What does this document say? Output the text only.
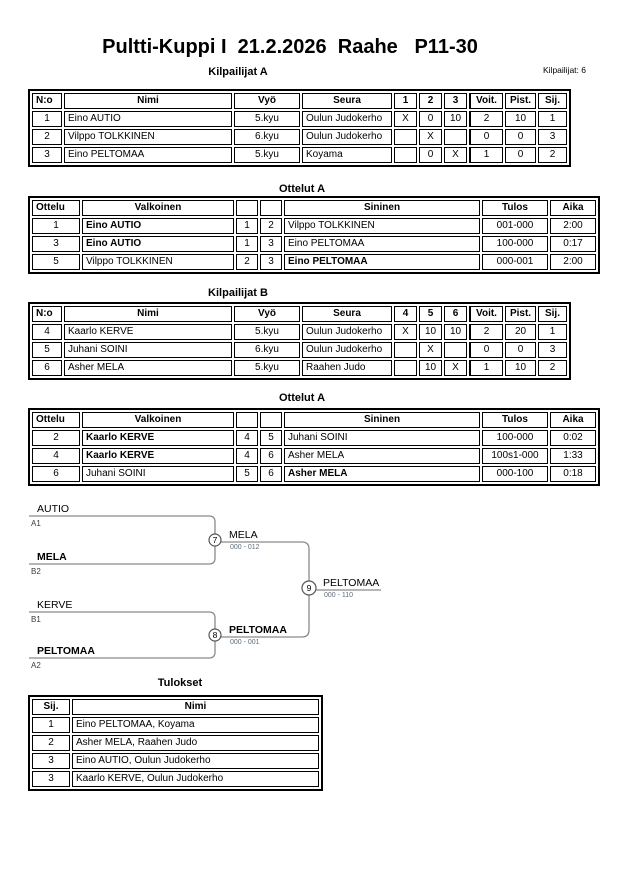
Pultti-Kuppi I  21.2.2026  Raahe   P11-30
Kilpailijat: 6
Kilpailijat A
N:o	Nimi	Vyö	Seura	1	2	3	Voit.	Pist.	Sij.
1	Eino AUTIO	5.kyu	Oulun Judokerho	X	0	10	2	10	1
2	Vilppo TOLKKINEN	6.kyu	Oulun Judokerho		X		0	0	3
3	Eino PELTOMAA	5.kyu	Koyama		0	X	1	0	2
Ottelut A
Ottelu	Valkoinen			Sininen	Tulos	Aika
1	Eino AUTIO	1	2	Vilppo TOLKKINEN	001-000	2:00
3	Eino AUTIO	1	3	Eino PELTOMAA	100-000	0:17
5	Vilppo TOLKKINEN	2	3	Eino PELTOMAA	000-001	2:00
Kilpailijat B
N:o	Nimi	Vyö	Seura	4	5	6	Voit.	Pist.	Sij.
4	Kaarlo KERVE	5.kyu	Oulun Judokerho	X	10	10	2	20	1
5	Juhani SOINI	6.kyu	Oulun Judokerho		X		0	0	3
6	Asher MELA	5.kyu	Raahen Judo		10	X	1	10	2
Ottelut A
Ottelu	Valkoinen			Sininen	Tulos	Aika
2	Kaarlo KERVE	4	5	Juhani SOINI	100-000	0:02
4	Kaarlo KERVE	4	6	Asher MELA	100s1-000	1:33
6	Juhani SOINI	5	6	Asher MELA	000-100	0:18
AUTIO
A1
MELA
B2
KERVE
B1
PELTOMAA
A2
7 MELA
000 - 012
8 PELTOMAA
000 - 001
9 PELTOMAA
000 - 110
Tulokset
Sij.	Nimi
1	Eino PELTOMAA, Koyama
2	Asher MELA, Raahen Judo
3	Eino AUTIO, Oulun Judokerho
3	Kaarlo KERVE, Oulun Judokerho
